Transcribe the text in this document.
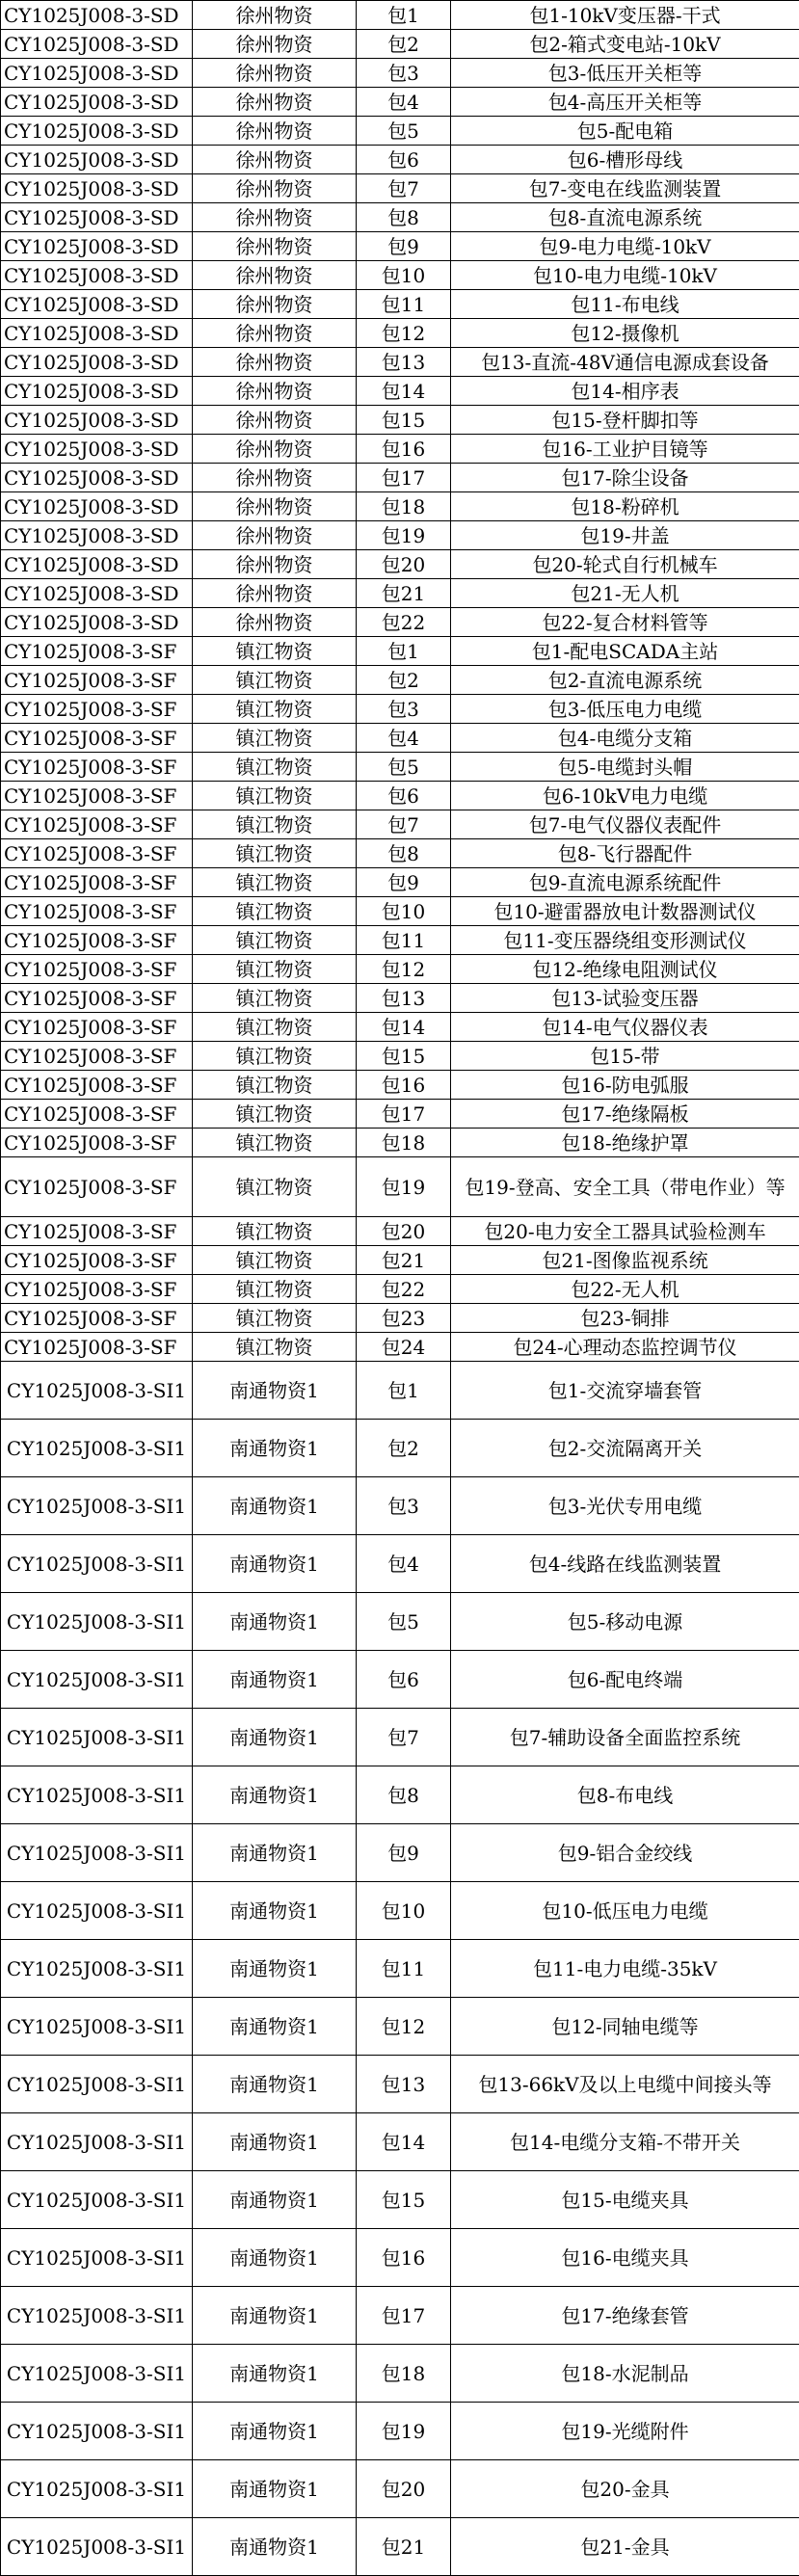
CY1025J008-3-SD	徐州物资	包1	包1-10kV变压器-干式
CY1025J008-3-SD	徐州物资	包2	包2-箱式变电站-10kV
CY1025J008-3-SD	徐州物资	包3	包3-低压开关柜等
CY1025J008-3-SD	徐州物资	包4	包4-高压开关柜等
CY1025J008-3-SD	徐州物资	包5	包5-配电箱
CY1025J008-3-SD	徐州物资	包6	包6-槽形母线
CY1025J008-3-SD	徐州物资	包7	包7-变电在线监测装置
CY1025J008-3-SD	徐州物资	包8	包8-直流电源系统
CY1025J008-3-SD	徐州物资	包9	包9-电力电缆-10kV
CY1025J008-3-SD	徐州物资	包10	包10-电力电缆-10kV
CY1025J008-3-SD	徐州物资	包11	包11-布电线
CY1025J008-3-SD	徐州物资	包12	包12-摄像机
CY1025J008-3-SD	徐州物资	包13	包13-直流-48V通信电源成套设备
CY1025J008-3-SD	徐州物资	包14	包14-相序表
CY1025J008-3-SD	徐州物资	包15	包15-登杆脚扣等
CY1025J008-3-SD	徐州物资	包16	包16-工业护目镜等
CY1025J008-3-SD	徐州物资	包17	包17-除尘设备
CY1025J008-3-SD	徐州物资	包18	包18-粉碎机
CY1025J008-3-SD	徐州物资	包19	包19-井盖
CY1025J008-3-SD	徐州物资	包20	包20-轮式自行机械车
CY1025J008-3-SD	徐州物资	包21	包21-无人机
CY1025J008-3-SD	徐州物资	包22	包22-复合材料管等
CY1025J008-3-SF	镇江物资	包1	包1-配电SCADA主站
CY1025J008-3-SF	镇江物资	包2	包2-直流电源系统
CY1025J008-3-SF	镇江物资	包3	包3-低压电力电缆
CY1025J008-3-SF	镇江物资	包4	包4-电缆分支箱
CY1025J008-3-SF	镇江物资	包5	包5-电缆封头帽
CY1025J008-3-SF	镇江物资	包6	包6-10kV电力电缆
CY1025J008-3-SF	镇江物资	包7	包7-电气仪器仪表配件
CY1025J008-3-SF	镇江物资	包8	包8-飞行器配件
CY1025J008-3-SF	镇江物资	包9	包9-直流电源系统配件
CY1025J008-3-SF	镇江物资	包10	包10-避雷器放电计数器测试仪
CY1025J008-3-SF	镇江物资	包11	包11-变压器绕组变形测试仪
CY1025J008-3-SF	镇江物资	包12	包12-绝缘电阻测试仪
CY1025J008-3-SF	镇江物资	包13	包13-试验变压器
CY1025J008-3-SF	镇江物资	包14	包14-电气仪器仪表
CY1025J008-3-SF	镇江物资	包15	包15-带
CY1025J008-3-SF	镇江物资	包16	包16-防电弧服
CY1025J008-3-SF	镇江物资	包17	包17-绝缘隔板
CY1025J008-3-SF	镇江物资	包18	包18-绝缘护罩
CY1025J008-3-SF	镇江物资	包19	包19-登高、安全工具（带电作业）等
CY1025J008-3-SF	镇江物资	包20	包20-电力安全工器具试验检测车
CY1025J008-3-SF	镇江物资	包21	包21-图像监视系统
CY1025J008-3-SF	镇江物资	包22	包22-无人机
CY1025J008-3-SF	镇江物资	包23	包23-铜排
CY1025J008-3-SF	镇江物资	包24	包24-心理动态监控调节仪
CY1025J008-3-SI1	南通物资1	包1	包1-交流穿墙套管
CY1025J008-3-SI1	南通物资1	包2	包2-交流隔离开关
CY1025J008-3-SI1	南通物资1	包3	包3-光伏专用电缆
CY1025J008-3-SI1	南通物资1	包4	包4-线路在线监测装置
CY1025J008-3-SI1	南通物资1	包5	包5-移动电源
CY1025J008-3-SI1	南通物资1	包6	包6-配电终端
CY1025J008-3-SI1	南通物资1	包7	包7-辅助设备全面监控系统
CY1025J008-3-SI1	南通物资1	包8	包8-布电线
CY1025J008-3-SI1	南通物资1	包9	包9-铝合金绞线
CY1025J008-3-SI1	南通物资1	包10	包10-低压电力电缆
CY1025J008-3-SI1	南通物资1	包11	包11-电力电缆-35kV
CY1025J008-3-SI1	南通物资1	包12	包12-同轴电缆等
CY1025J008-3-SI1	南通物资1	包13	包13-66kV及以上电缆中间接头等
CY1025J008-3-SI1	南通物资1	包14	包14-电缆分支箱-不带开关
CY1025J008-3-SI1	南通物资1	包15	包15-电缆夹具
CY1025J008-3-SI1	南通物资1	包16	包16-电缆夹具
CY1025J008-3-SI1	南通物资1	包17	包17-绝缘套管
CY1025J008-3-SI1	南通物资1	包18	包18-水泥制品
CY1025J008-3-SI1	南通物资1	包19	包19-光缆附件
CY1025J008-3-SI1	南通物资1	包20	包20-金具
CY1025J008-3-SI1	南通物资1	包21	包21-金具
